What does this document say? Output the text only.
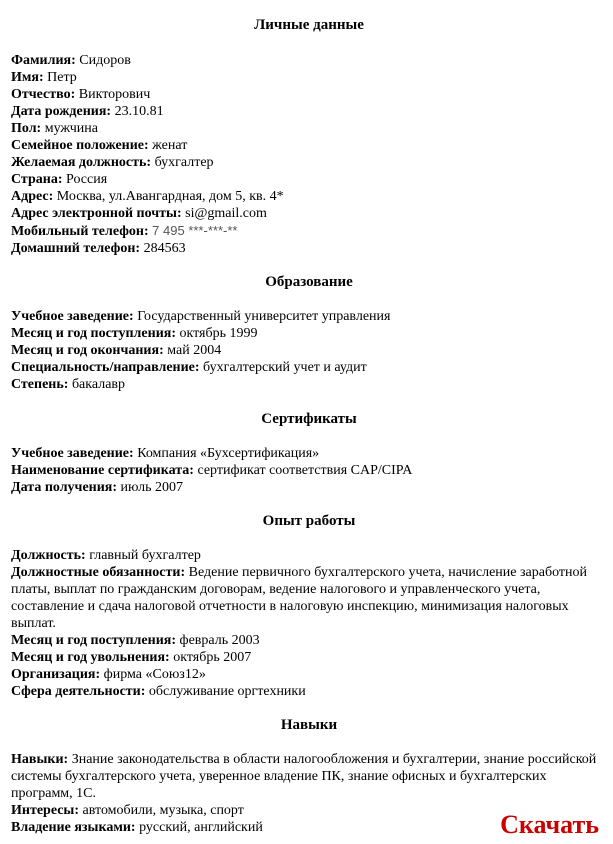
Личные данные
Фамилия: Сидоров
Имя: Петр
Отчество: Викторович
Дата рождения: 23.10.81
Пол: мужчина
Семейное положение: женат
Желаемая должность: бухгалтер
Страна: Россия
Адрес: Москва, ул.Авангардная, дом 5, кв. 4*
Адрес электронной почты: si@gmail.com
Мобильный телефон: 7 495 ***-***-**
Домашний телефон: 284563
Образование
Учебное заведение: Государственный университет управления
Месяц и год поступления: октябрь 1999
Месяц и год окончания: май 2004
Специальность/направление: бухгалтерский учет и аудит
Степень: бакалавр
Сертификаты
Учебное заведение: Компания «Бухсертификация»
Наименование сертификата: сертификат соответствия CAP/CIPA
Дата получения: июль 2007
Опыт работы
Должность: главный бухгалтер
Должностные обязанности: Ведение первичного бухгалтерского учета, начисление заработной платы, выплат по гражданским договорам, ведение налогового и управленческого учета, составление и сдача налоговой отчетности в налоговую инспекцию, минимизация налоговых выплат.
Месяц и год поступления: февраль 2003
Месяц и год увольнения: октябрь 2007
Организация: фирма «Союз12»
Сфера деятельности: обслуживание оргтехники
Навыки
Навыки: Знание законодательства в области налогообложения и бухгалтерии, знание российской системы бухгалтерского учета, уверенное владение ПК, знание офисных и бухгалтерских программ, 1С.
Интересы: автомобили, музыка, спорт
Владение языками: русский, английский	Скачать
